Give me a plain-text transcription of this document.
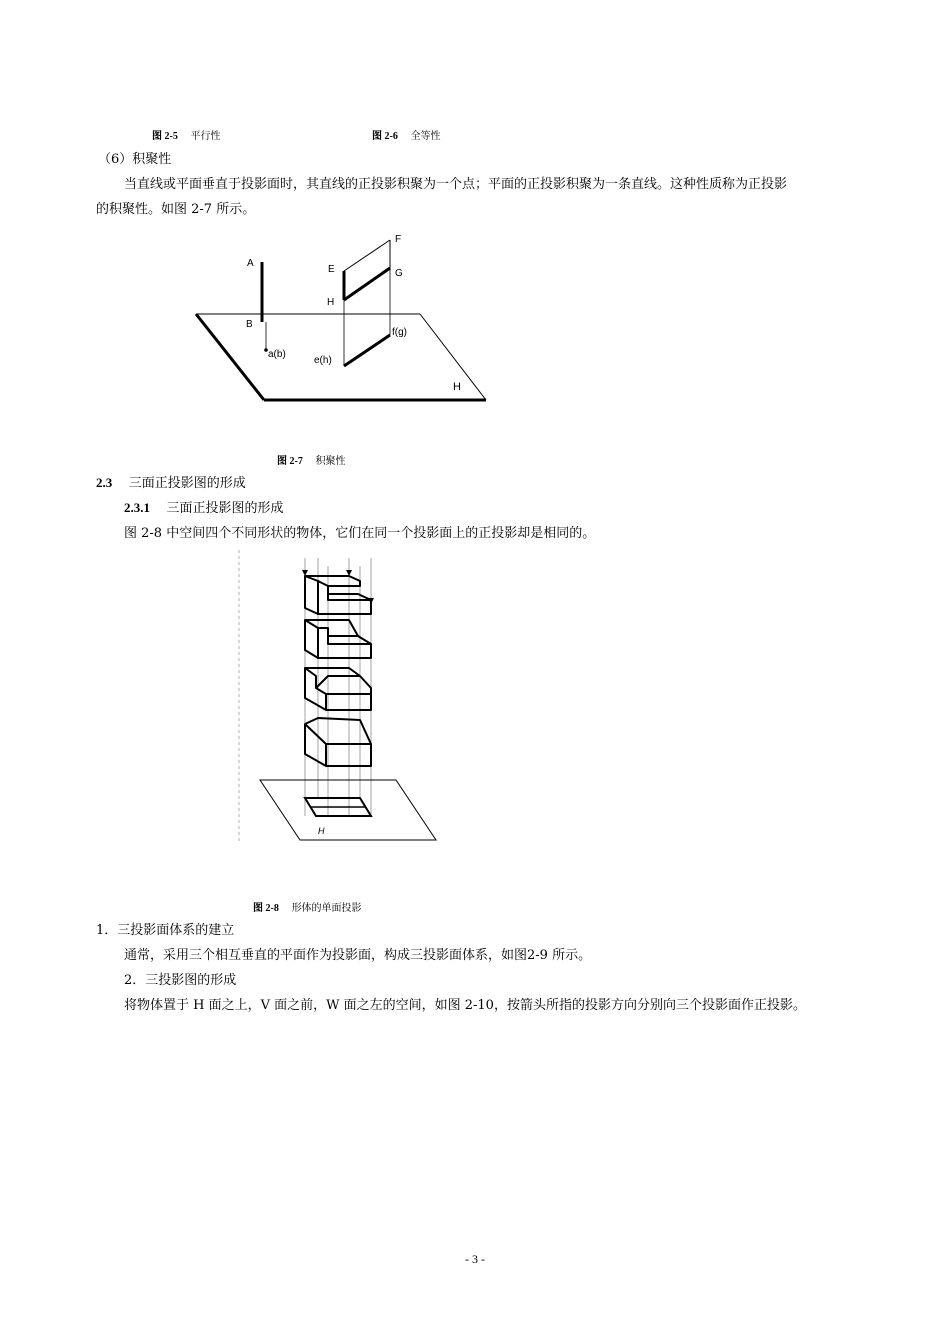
图 2-5 平行性	图 2-6 全等性
（6）积聚性
当直线或平面垂直于投影面时，其直线的正投影积聚为一个点；平面的正投影积聚为一条直线。这种性质称为正投影
的积聚性。如图 2-7 所示。
A
B
a(b)
E
F
G
H
f(g)
e(h)
H
图 2-7 积聚性
2.3 三面正投影图的形成
2.3.1 三面正投影图的形成
图 2-8 中空间四个不同形状的物体，它们在同一个投影面上的正投影却是相同的。
H
图 2-8 形体的单面投影
1．三投影面体系的建立
通常，采用三个相互垂直的平面作为投影面，构成三投影面体系，如图2-9 所示。
2．三投影图的形成
将物体置于 H 面之上，V 面之前，W 面之左的空间，如图 2-10，按箭头所指的投影方向分别向三个投影面作正投影。
- 3 -
